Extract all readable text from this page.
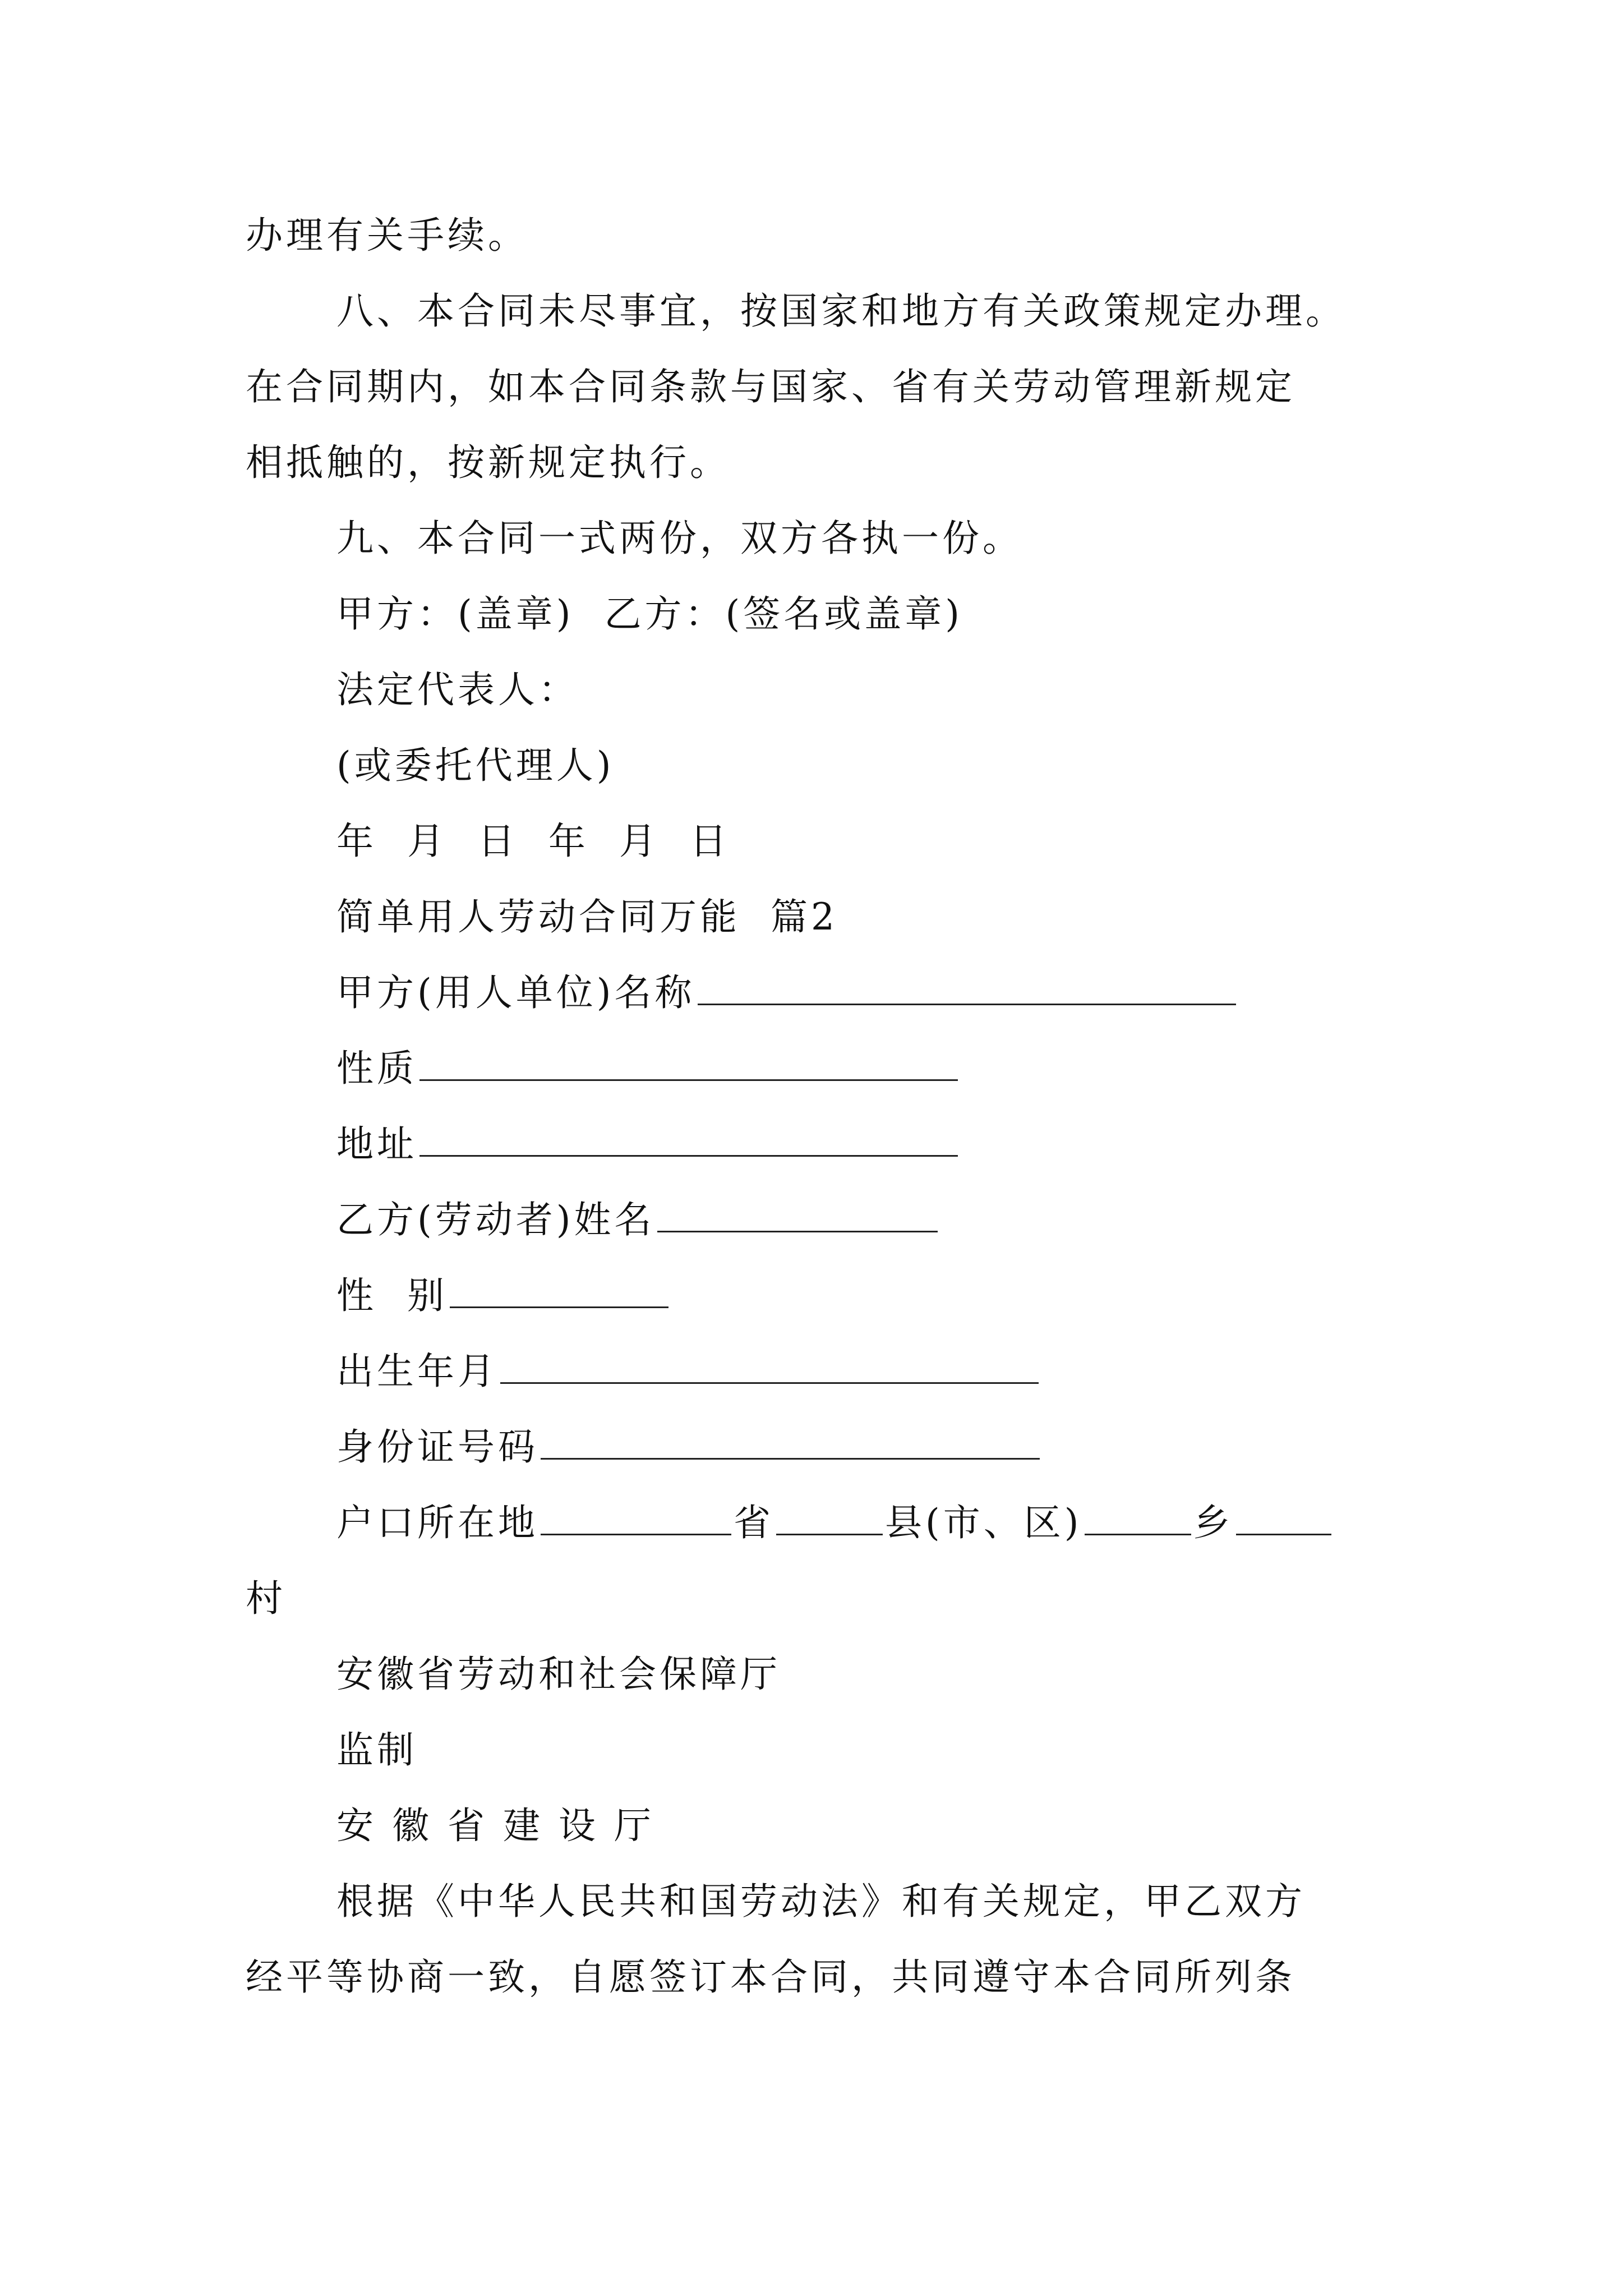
办理有关手续。
八、本合同未尽事宜，按国家和地方有关政策规定办理。
在合同期内，如本合同条款与国家、省有关劳动管理新规定
相抵触的，按新规定执行。
九、本合同一式两份，双方各执一份。
甲方：(盖章)  乙方：(签名或盖章)
法定代表人：
(或委托代理人)
年  月  日  年  月  日
简单用人劳动合同万能  篇2
甲方(用人单位)名称
性质
地址
乙方(劳动者)姓名
性  别
出生年月
身份证号码
户口所在地	省	县(市、区)	乡
村
安徽省劳动和社会保障厅
监制
安 徽 省 建 设 厅
根据《中华人民共和国劳动法》和有关规定，甲乙双方
经平等协商一致，自愿签订本合同，共同遵守本合同所列条
